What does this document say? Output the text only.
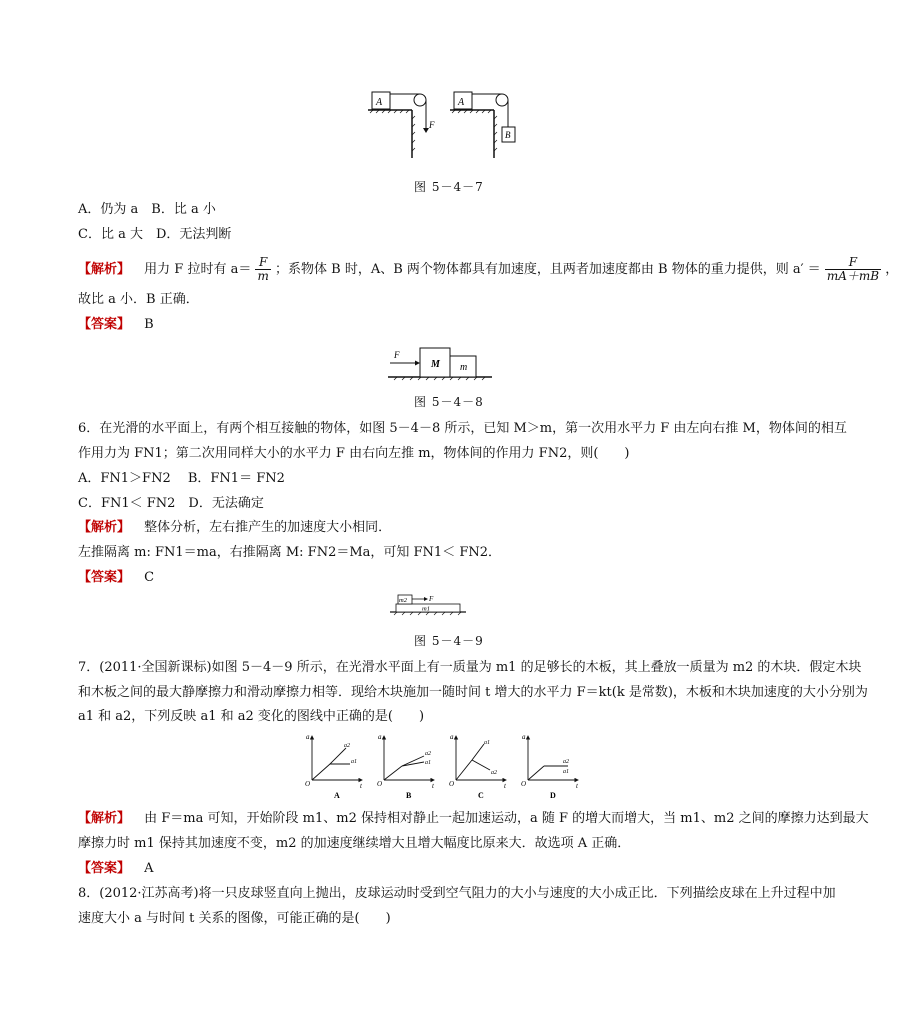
A
F
A
B
图 5－4－7
A．仍为 a　B．比 a 小
C．比 a 大　D．无法判断
【解析】 用力 F 拉时有 $a= \frac{F}{m}$ ；系物体 B 时，A、B 两个物体都具有加速度，且两者加速度都由 B 物体的重力提供，则 $a' = \frac{F}{mA+mB}$ ，
故比 a 小．B 正确．
【答案】 B
M m
F
图 5－4－8
6．在光滑的水平面上，有两个相互接触的物体，如图 5－4－8 所示，已知 M＞m，第一次用水平力 F 由左向右推 M，物体间的相互
作用力为 FN1；第二次用同样大小的水平力 F 由右向左推 m，物体间的作用力 FN2，则(　　)
A．FN1＞FN2　 B．FN1＝ FN2
C．FN1＜ FN2　D．无法确定
【解析】 整体分析，左右推产生的加速度大小相同．
左推隔离 m: FN1＝ma，右推隔离 M: FN2＝Ma，可知 FN1＜ FN2．
【答案】 C
m2
m1
F
图 5－4－9
7．(2011·全国新课标)如图 5－4－9 所示，在光滑水平面上有一质量为 m1 的足够长的木板，其上叠放一质量为 m2 的木块．假定木块
和木板之间的最大静摩擦力和滑动摩擦力相等．现给木块施加一随时间 t 增大的水平力 F＝kt(k 是常数)，木板和木块加速度的大小分别为
a1 和 a2，下列反映 a1 和 a2 变化的图线中正确的是(　　)
a
t
O
a2
a1
A
a
t
O
a2
a1
B
a
t
O
a1
a2
C
a
t
O
a2
a1
D
【解析】 由 F＝ma 可知，开始阶段 m1、m2 保持相对静止一起加速运动，a 随 F 的增大而增大，当 m1、m2 之间的摩擦力达到最大
摩擦力时 m1 保持其加速度不变，m2 的加速度继续增大且增大幅度比原来大．故选项 A 正确．
【答案】 A
8．(2012·江苏高考)将一只皮球竖直向上抛出，皮球运动时受到空气阻力的大小与速度的大小成正比．下列描绘皮球在上升过程中加
速度大小 a 与时间 t 关系的图像，可能正确的是(　　)
